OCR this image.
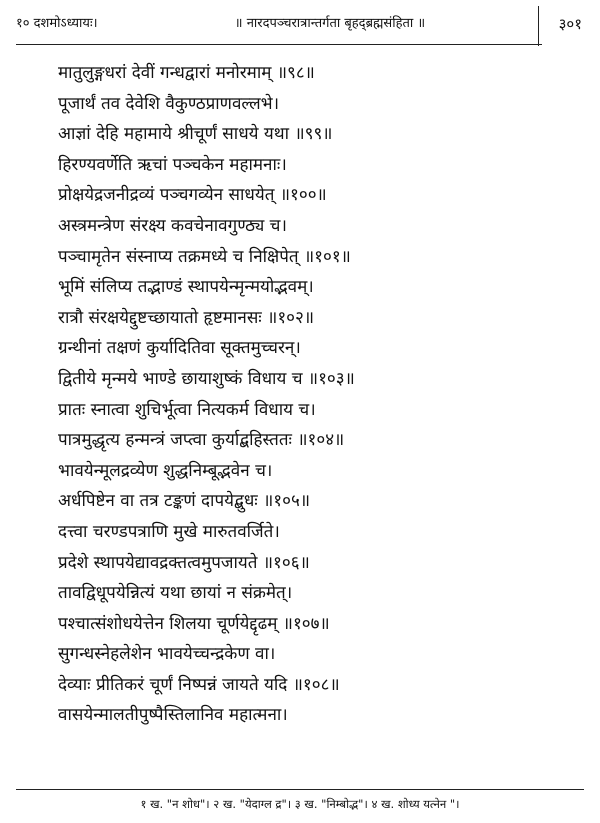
१० दशमोऽध्यायः।	॥ नारदपञ्चरात्रान्तर्गता बृहद्ब्रह्मसंहिता ॥	३०१
मातुलुङ्गधरां देवीं गन्धद्वारां मनोरमाम् ॥९८॥
पूजार्थं तव देवेशि वैकुण्ठप्राणवल्लभे।
आज्ञां देहि महामाये श्रीचूर्णं साधये यथा ॥९९॥
हिरण्यवर्णेति ऋचां पञ्चकेन महामनाः।
प्रोक्षयेद्रजनीद्रव्यं पञ्चगव्येन साधयेत् ॥१००॥
अस्त्रमन्त्रेण संरक्ष्य कवचेनावगुण्ठ्य च।
पञ्चामृतेन संस्नाप्य तक्रमध्ये च निक्षिपेत् ॥१०१॥
भूमिं संलिप्य तद्भाण्डं स्थापयेन्मृन्मयोद्भवम्।
रात्रौ संरक्षयेद्दुष्टच्छायातो हृष्टमानसः ॥१०२॥
ग्रन्थीनां तक्षणं कुर्यादितिवा सूक्तमुच्चरन्।
द्वितीये मृन्मये भाण्डे छायाशुष्कं विधाय च ॥१०३॥
प्रातः स्नात्वा शुचिर्भूत्वा नित्यकर्म विधाय च।
पात्रमुद्धृत्य हन्मन्त्रं जप्त्वा कुर्याद्बहिस्ततः ॥१०४॥
भावयेन्मूलद्रव्येण शुद्धनिम्बूद्भवेन च।
अर्धपिष्टेन वा तत्र टङ्कणं दापयेद्बुधः ॥१०५॥
दत्त्वा चरण्डपत्राणि मुखे मारुतवर्जिते।
प्रदेशे स्थापयेद्यावद्रक्तत्वमुपजायते ॥१०६॥
तावद्विधूपयेन्नित्यं यथा छायां न संक्रमेत्।
पश्चात्संशोधयेत्तेन शिलया चूर्णयेद्दृढम् ॥१०७॥
सुगन्धस्नेहलेशेन भावयेच्चन्द्रकेण वा।
देव्याः प्रीतिकरं चूर्णं निष्पन्नं जायते यदि ॥१०८॥
वासयेन्मालतीपुष्पैस्तिलानिव महात्मना।
१ ख. "न शोध"। २ ख. "येदाग्ल द्र"। ३ ख. "निम्बोद्भ"। ४ ख. शोध्य यत्नेन "।
